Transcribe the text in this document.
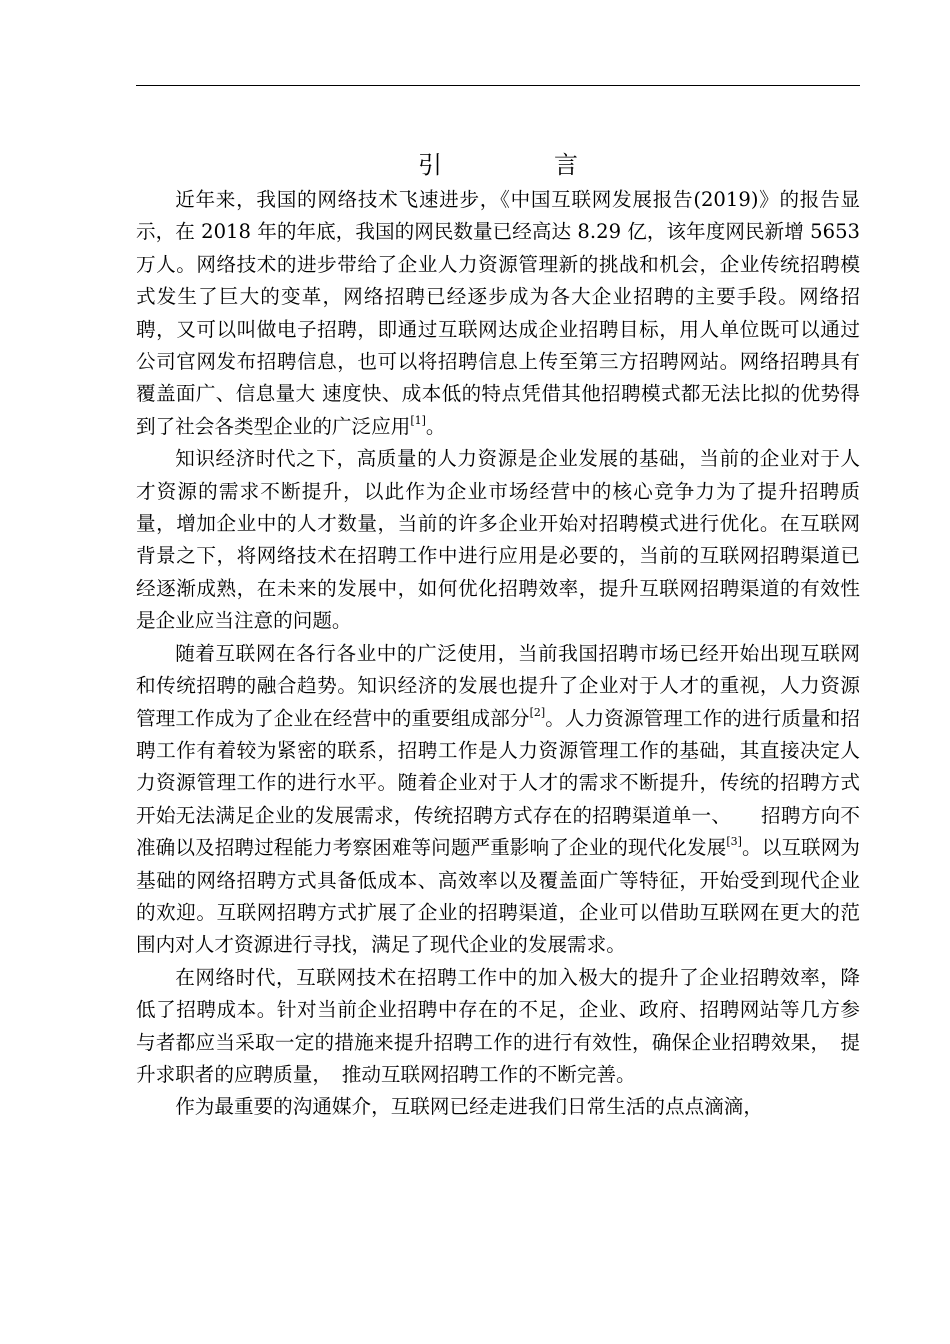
引　言

近年来，我国的网络技术飞速进步，《中国互联网发展报告(2019)》的报告显示，在 2018 年的年底，我国的网民数量已经高达 8.29 亿，该年度网民新增 5653 万人。网络技术的进步带给了企业人力资源管理新的挑战和机会，企业传统招聘模式发生了巨大的变革，网络招聘已经逐步成为各大企业招聘的主要手段。网络招聘，又可以叫做电子招聘，即通过互联网达成企业招聘目标，用人单位既可以通过公司官网发布招聘信息，也可以将招聘信息上传至第三方招聘网站。网络招聘具有覆盖面广、信息量大 速度快、成本低的特点凭借其他招聘模式都无法比拟的优势得到了社会各类型企业的广泛应用[1]。

知识经济时代之下，高质量的人力资源是企业发展的基础，当前的企业对于人才资源的需求不断提升，以此作为企业市场经营中的核心竞争力为了提升招聘质量，增加企业中的人才数量，当前的许多企业开始对招聘模式进行优化。在互联网背景之下，将网络技术在招聘工作中进行应用是必要的，当前的互联网招聘渠道已经逐渐成熟，在未来的发展中，如何优化招聘效率，提升互联网招聘渠道的有效性是企业应当注意的问题。

随着互联网在各行各业中的广泛使用，当前我国招聘市场已经开始出现互联网和传统招聘的融合趋势。知识经济的发展也提升了企业对于人才的重视，人力资源管理工作成为了企业在经营中的重要组成部分[2]。人力资源管理工作的进行质量和招聘工作有着较为紧密的联系，招聘工作是人力资源管理工作的基础，其直接决定人力资源管理工作的进行水平。随着企业对于人才的需求不断提升，传统的招聘方式开始无法满足企业的发展需求，传统招聘方式存在的招聘渠道单一、　　招聘方向不准确以及招聘过程能力考察困难等问题严重影响了企业的现代化发展[3]。以互联网为基础的网络招聘方式具备低成本、高效率以及覆盖面广等特征，开始受到现代企业的欢迎。互联网招聘方式扩展了企业的招聘渠道，企业可以借助互联网在更大的范围内对人才资源进行寻找，满足了现代企业的发展需求。

在网络时代，互联网技术在招聘工作中的加入极大的提升了企业招聘效率，降低了招聘成本。针对当前企业招聘中存在的不足，企业、政府、招聘网站等几方参与者都应当采取一定的措施来提升招聘工作的进行有效性，确保企业招聘效果，　提升求职者的应聘质量，　推动互联网招聘工作的不断完善。

作为最重要的沟通媒介，互联网已经走进我们日常生活的点点滴滴，
